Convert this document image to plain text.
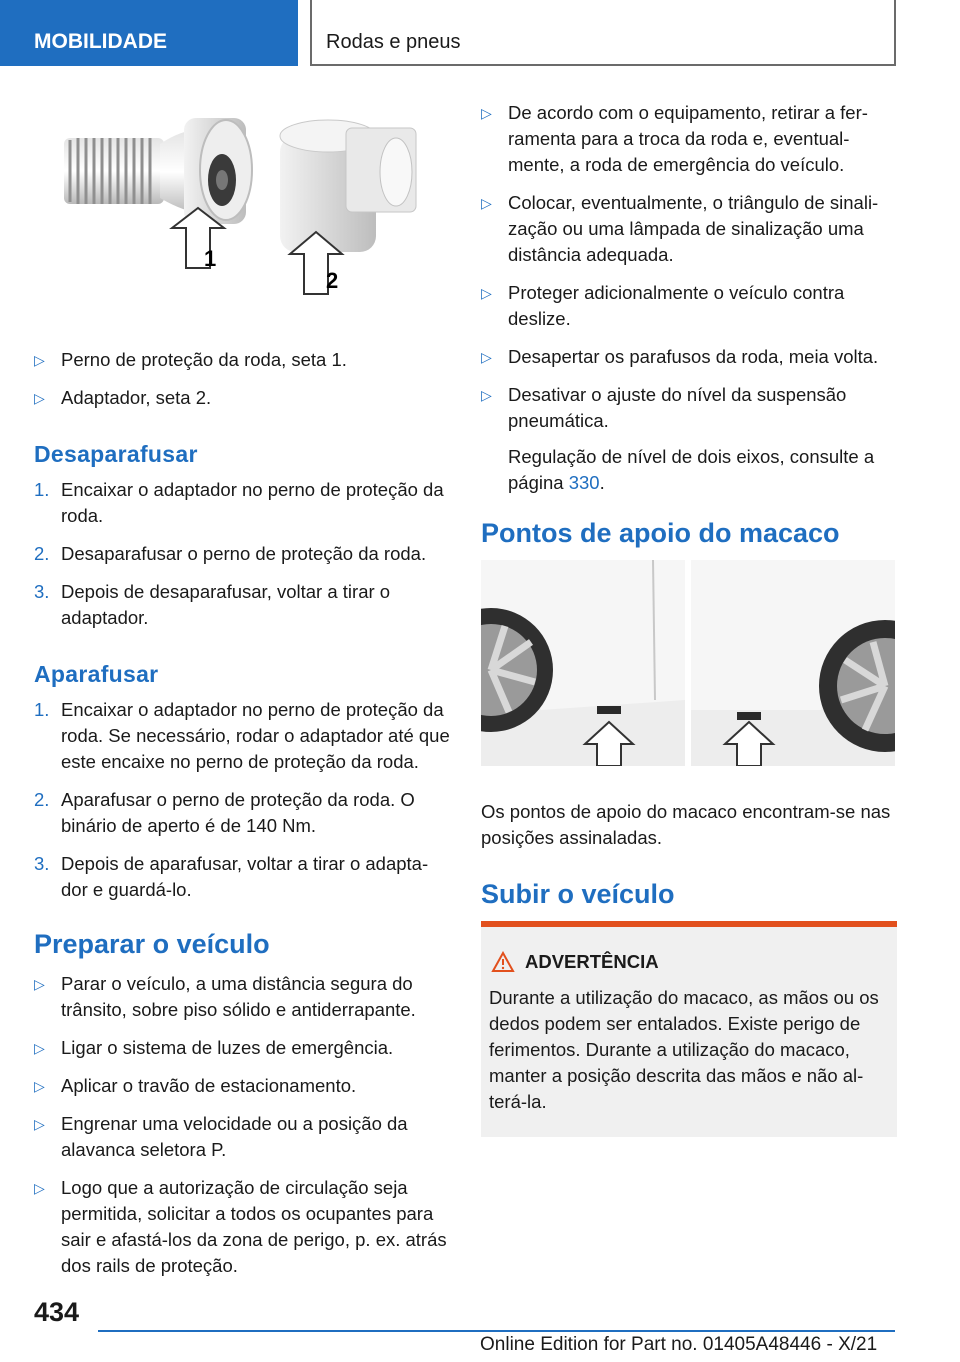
MOBILIDADE	Rodas e pneus
1
2
▷ Perno de proteção da roda, seta 1.
▷ Adaptador, seta 2.
Desaparafusar
1. Encaixar o adaptador no perno de proteção da roda.
2. Desaparafusar o perno de proteção da roda.
3. Depois de desaparafusar, voltar a tirar o adaptador.
Aparafusar
1. Encaixar o adaptador no perno de proteção da roda. Se necessário, rodar o adaptador até que este encaixe no perno de proteção da roda.
2. Aparafusar o perno de proteção da roda. O binário de aperto é de 140 Nm.
3. Depois de aparafusar, voltar a tirar o adapta-dor e guardá-lo.
Preparar o veículo
▷ Parar o veículo, a uma distância segura do trânsito, sobre piso sólido e antiderrapante.
▷ Ligar o sistema de luzes de emergência.
▷ Aplicar o travão de estacionamento.
▷ Engrenar uma velocidade ou a posição da alavanca seletora P.
▷ Logo que a autorização de circulação seja permitida, solicitar a todos os ocupantes para sair e afastá-los da zona de perigo, p. ex. atrás dos rails de proteção.
▷ De acordo com o equipamento, retirar a fer-ramenta para a troca da roda e, eventual-mente, a roda de emergência do veículo.
▷ Colocar, eventualmente, o triângulo de sinali-zação ou uma lâmpada de sinalização uma distância adequada.
▷ Proteger adicionalmente o veículo contra deslize.
▷ Desapertar os parafusos da roda, meia volta.
▷ Desativar o ajuste do nível da suspensão pneumática.
Regulação de nível de dois eixos, consulte a página 330.
Pontos de apoio do macaco

Os pontos de apoio do macaco encontram-se nas posições assinaladas.

Subir o veículo
ADVERTÊNCIA
Durante a utilização do macaco, as mãos ou os dedos podem ser entalados. Existe perigo de ferimentos. Durante a utilização do macaco, manter a posição descrita das mãos e não al-terá-la.
434
Online Edition for Part no. 01405A48446 - X/21
